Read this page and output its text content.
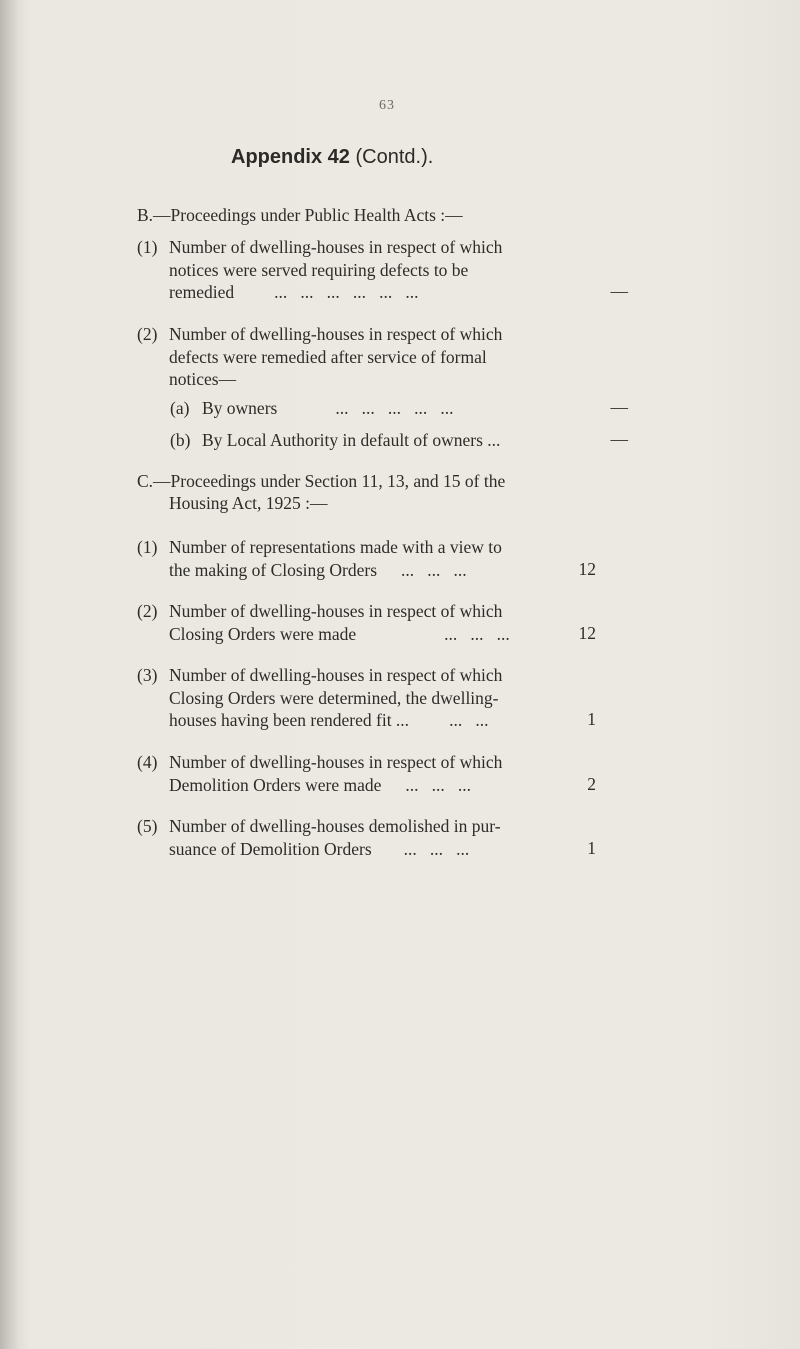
63
Appendix 42 (Contd.).
B.—Proceedings under Public Health Acts :—
(1) Number of dwelling-houses in respect of which
notices were served requiring defects to be
remedied ...   ...   ...   ...   ...   ...	—
(2) Number of dwelling-houses in respect of which
defects were remedied after service of formal
notices—
(a) By owners	...   ...   ...   ...   ...	—
(b) By Local Authority in default of owners ...	—
C.—Proceedings under Section 11, 13, and 15 of the
Housing Act, 1925 :—
(1) Number of representations made with a view to
the making of Closing Orders ...   ...   ...	12
(2) Number of dwelling-houses in respect of which
Closing Orders were made	...   ...   ...	12
(3) Number of dwelling-houses in respect of which
Closing Orders were determined, the dwelling-
houses having been rendered fit ... ...   ...	1
(4) Number of dwelling-houses in respect of which
Demolition Orders were made ...   ...   ...	2
(5) Number of dwelling-houses demolished in pur-
suance of Demolition Orders ...   ...   ...	1
